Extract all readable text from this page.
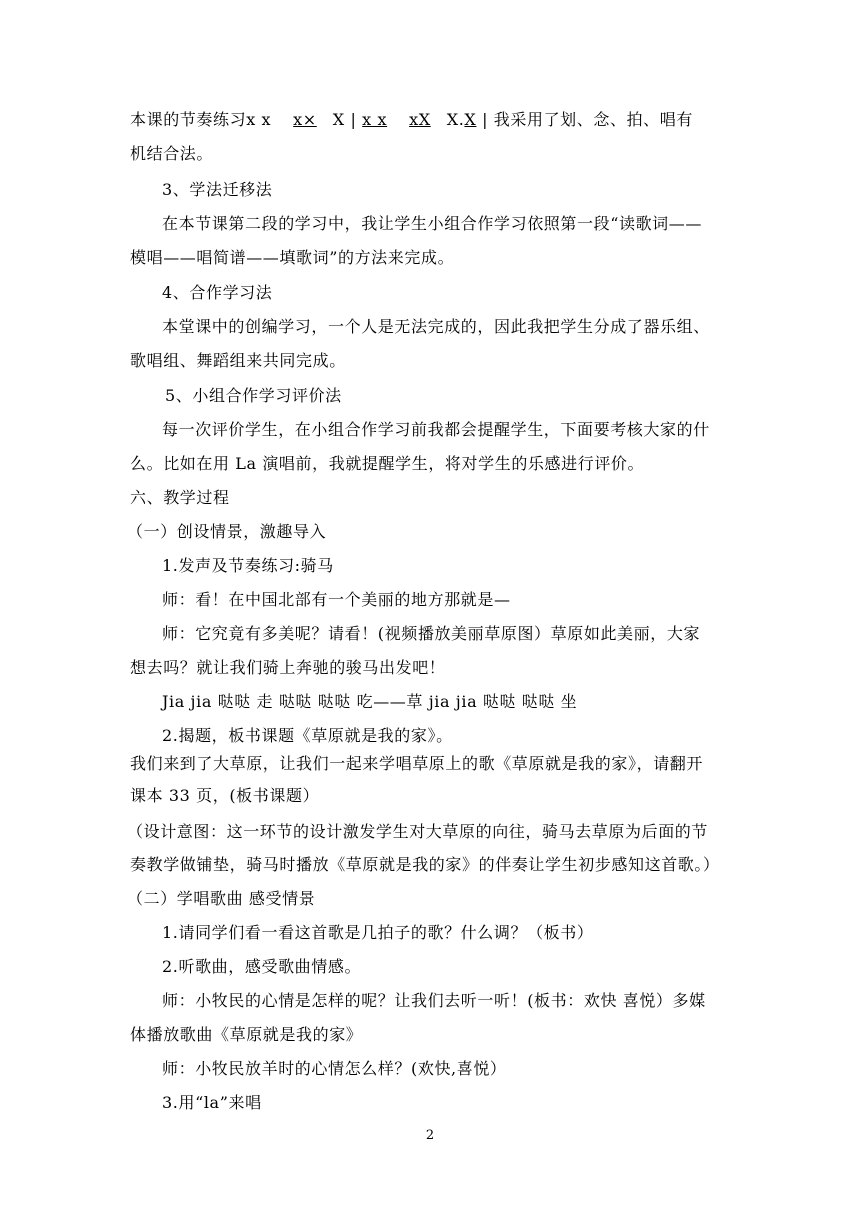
本课的节奏练习x x x× X | x x xX X.X | 我采用了划、念、拍、唱有
机结合法。
3、学法迁移法
在本节课第二段的学习中，我让学生小组合作学习依照第一段“读歌词——
模唱——唱简谱——填歌词”的方法来完成。
4、合作学习法
本堂课中的创编学习，一个人是无法完成的，因此我把学生分成了器乐组、
歌唱组、舞蹈组来共同完成。
5、小组合作学习评价法
每一次评价学生，在小组合作学习前我都会提醒学生，下面要考核大家的什
么。比如在用 La 演唱前，我就提醒学生，将对学生的乐感进行评价。
六、教学过程
（一）创设情景，激趣导入
1.发声及节奏练习:骑马
师：看！在中国北部有一个美丽的地方那就是—
师：它究竟有多美呢？请看！(视频播放美丽草原图）草原如此美丽，大家
想去吗？就让我们骑上奔驰的骏马出发吧！
Jia jia 哒哒 走 哒哒 哒哒 吃——草 jia jia 哒哒 哒哒 坐
2.揭题，板书课题《草原就是我的家》。
我们来到了大草原，让我们一起来学唱草原上的歌《草原就是我的家》，请翻开
课本 33 页，(板书课题）
（设计意图：这一环节的设计激发学生对大草原的向往，骑马去草原为后面的节
奏教学做铺垫，骑马时播放《草原就是我的家》的伴奏让学生初步感知这首歌。）
（二）学唱歌曲 感受情景
1.请同学们看一看这首歌是几拍子的歌？什么调？（板书）
2.听歌曲，感受歌曲情感。
师：小牧民的心情是怎样的呢？让我们去听一听！(板书：欢快 喜悦）多媒
体播放歌曲《草原就是我的家》
师：小牧民放羊时的心情怎么样？(欢快,喜悦）
3.用“la”来唱
2
